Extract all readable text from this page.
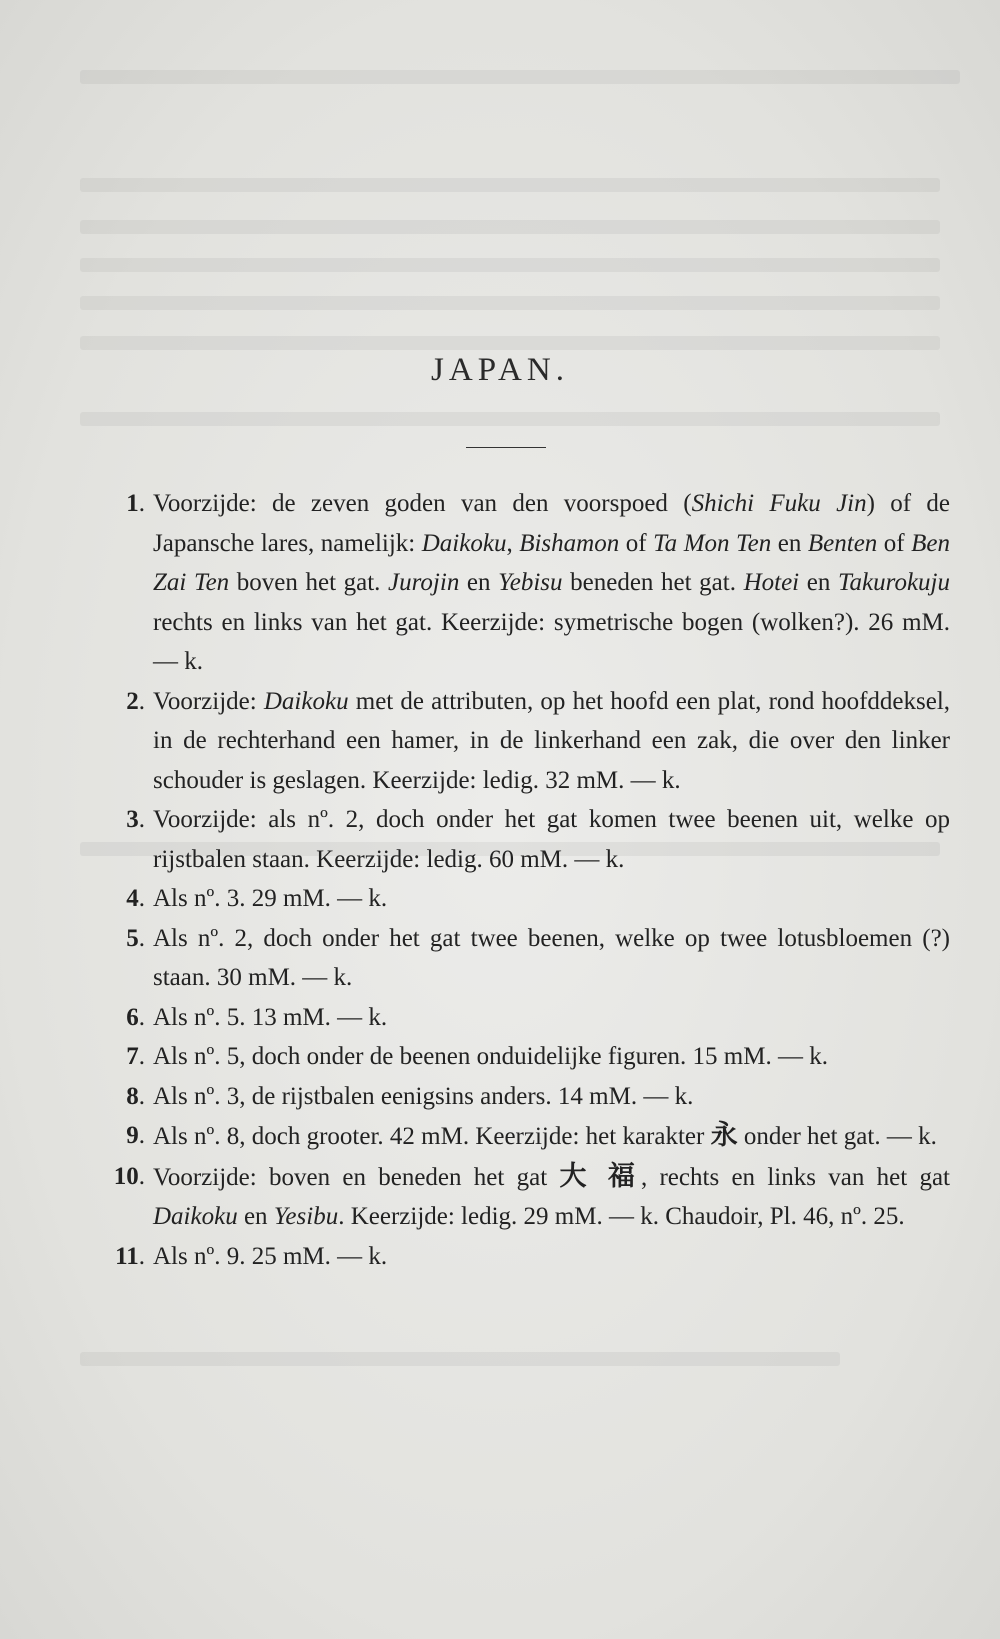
JAPAN.
1. Voorzijde: de zeven goden van den voorspoed (Shichi Fuku Jin) of de Japansche lares, namelijk: Daikoku, Bishamon of Ta Mon Ten en Benten of Ben Zai Ten boven het gat. Jurojin en Yebisu beneden het gat. Hotei en Takurokuju rechts en links van het gat. Keerzijde: symetrische bogen (wolken?). 26 mM. — k.
2. Voorzijde: Daikoku met de attributen, op het hoofd een plat, rond hoofddeksel, in de rechterhand een hamer, in de linkerhand een zak, die over den linker schouder is geslagen. Keerzijde: ledig. 32 mM. — k.
3. Voorzijde: als nº. 2, doch onder het gat komen twee beenen uit, welke op rijstbalen staan. Keerzijde: ledig. 60 mM. — k.
4. Als nº. 3. 29 mM. — k.
5. Als nº. 2, doch onder het gat twee beenen, welke op twee lotusbloemen (?) staan. 30 mM. — k.
6. Als nº. 5. 13 mM. — k.
7. Als nº. 5, doch onder de beenen onduidelijke figuren. 15 mM. — k.
8. Als nº. 3, de rijstbalen eenigsins anders. 14 mM. — k.
9. Als nº. 8, doch grooter. 42 mM. Keerzijde: het karakter 永 onder het gat. — k.
10. Voorzijde: boven en beneden het gat 大 福, rechts en links van het gat Daikoku en Yesibu. Keerzijde: ledig. 29 mM. — k. Chaudoir, Pl. 46, nº. 25.
11. Als nº. 9. 25 mM. — k.
